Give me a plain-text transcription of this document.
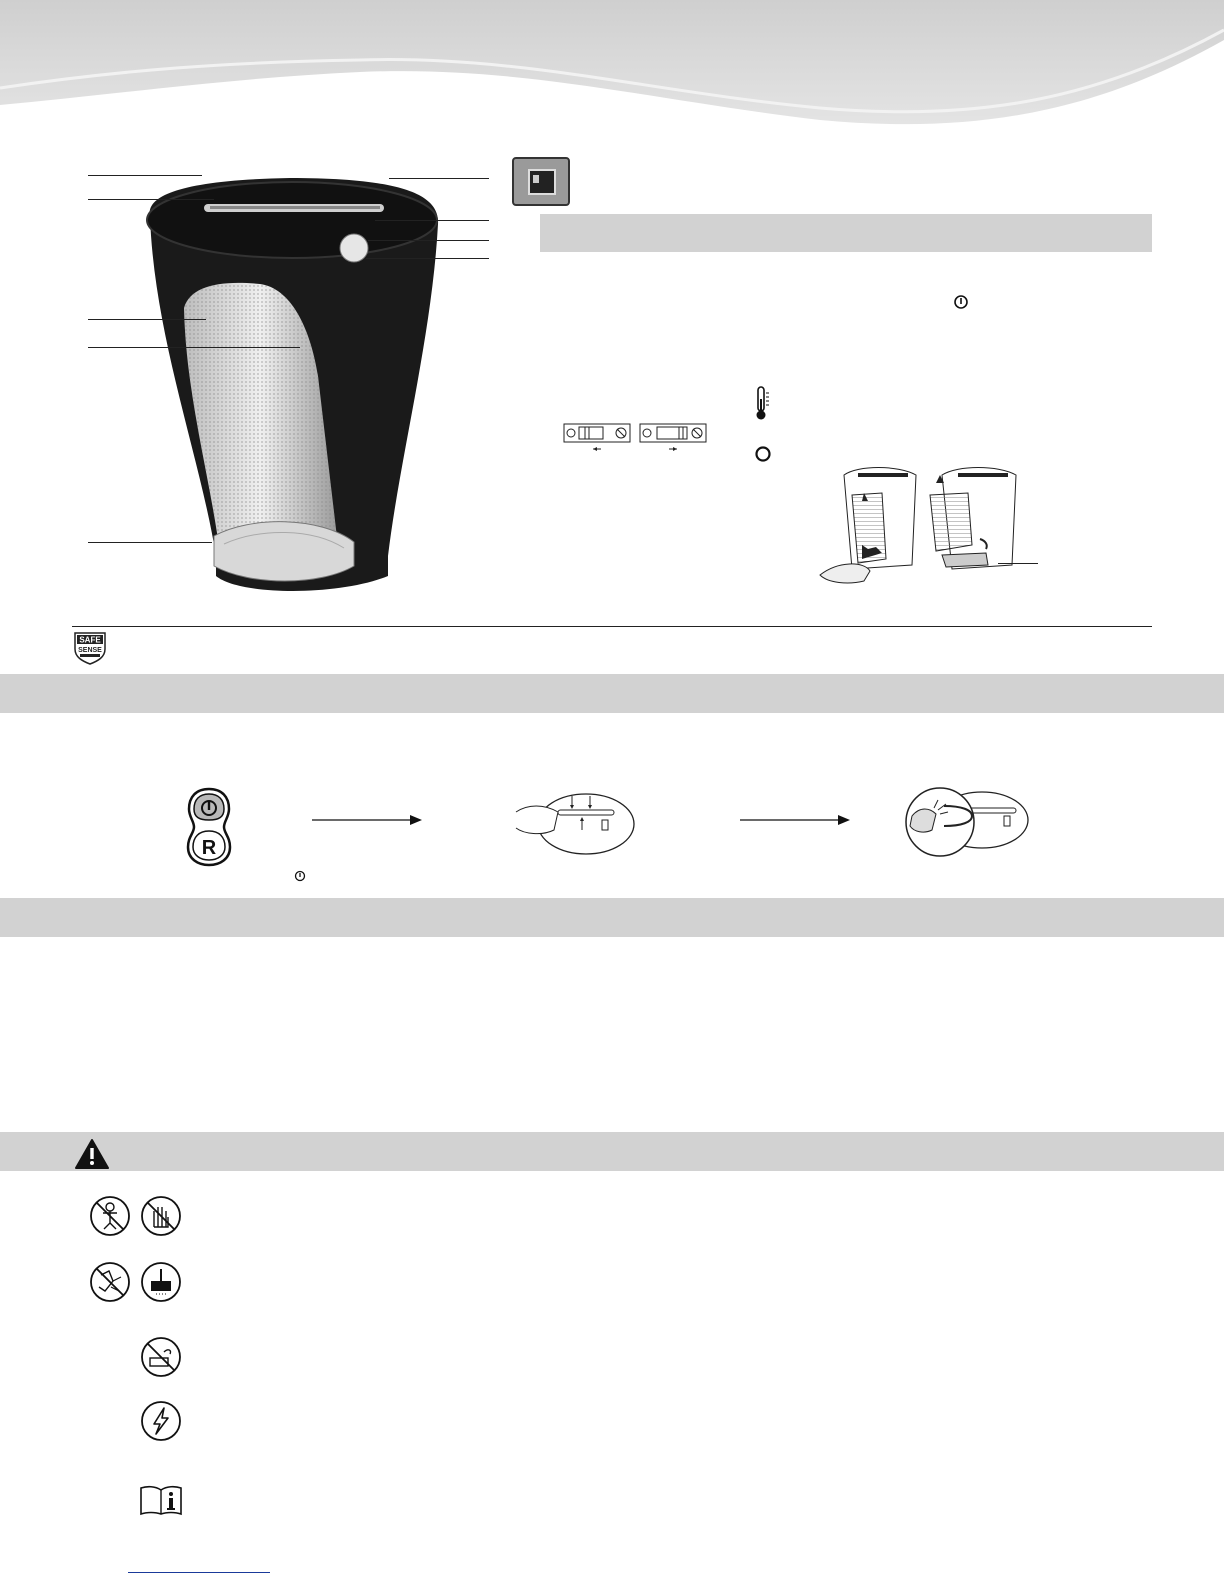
SAFE
SENSE
R
